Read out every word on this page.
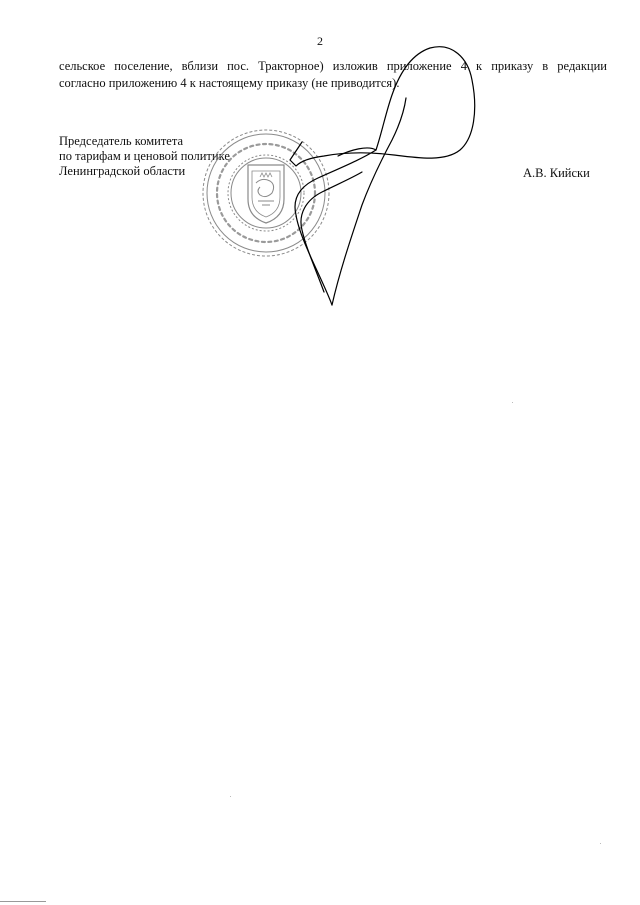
2
сельское поселение, вблизи пос. Тракторное) изложив приложение 4 к приказу в редакции
согласно приложению 4 к настоящему приказу (не приводится).
Председатель комитета
по тарифам и ценовой политике
Ленинградской области	А.В. Кийски
